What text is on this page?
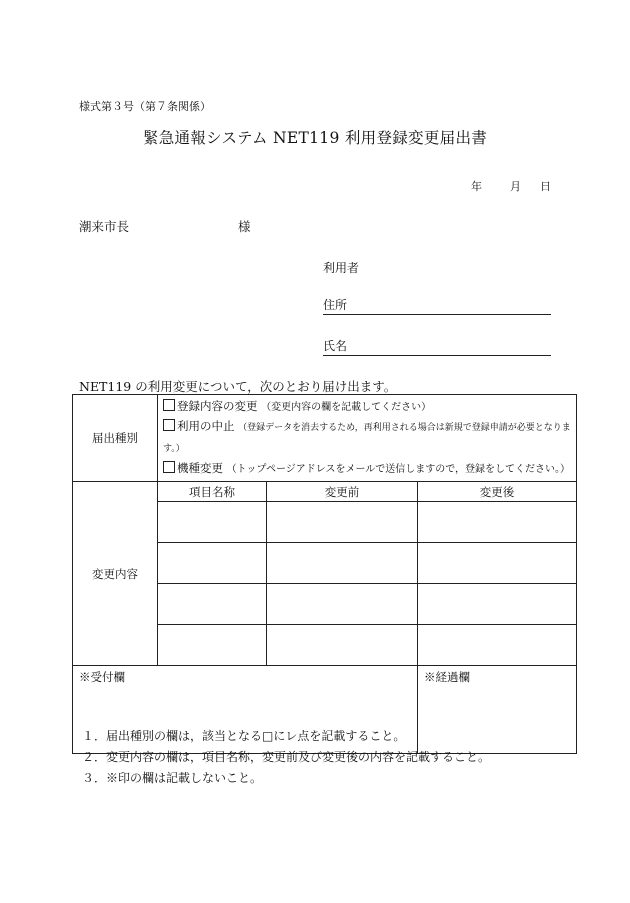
様式第３号（第７条関係）
緊急通報システム NET119 利用登録変更届出書
年	月 日
潮来市長	様
利用者
住所
氏名
NET119 の利用変更について，次のとおり届け出ます。
届出種別	登録内容の変更 （変更内容の欄を記載してください）
利用の中止 （登録データを消去するため，再利用される場合は新規で登録申請が必要となります。）
機種変更 （トップページアドレスをメールで送信しますので，登録をしてください。）		

変更内容	項目名称	変更前	変更後

※受付欄			※経過欄
１．届出種別の欄は，該当となる□にレ点を記載すること。
２．変更内容の欄は，項目名称，変更前及び変更後の内容を記載すること。
３．※印の欄は記載しないこと。
